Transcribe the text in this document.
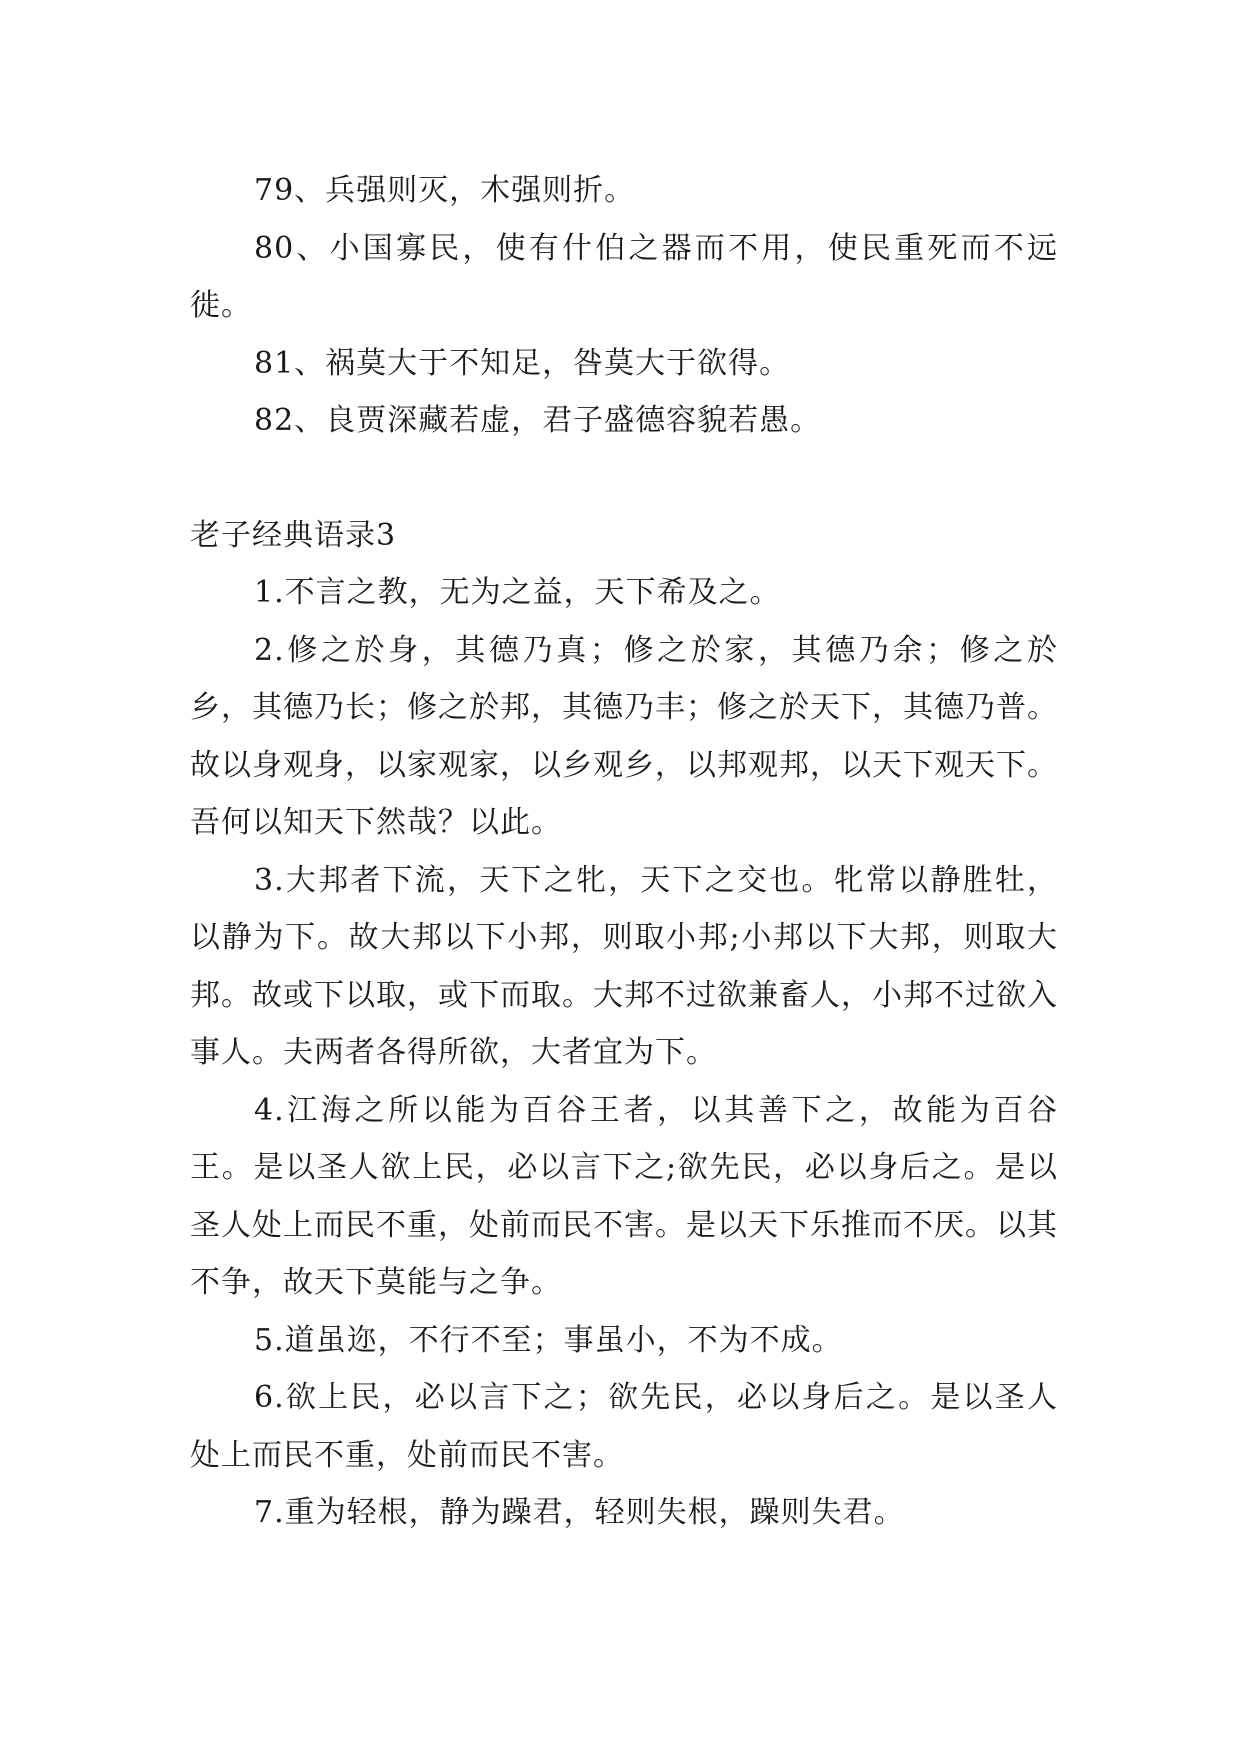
79、兵强则灭，木强则折。

80、小国寡民，使有什伯之器而不用，使民重死而不远徙。

81、祸莫大于不知足，咎莫大于欲得。

82、良贾深藏若虚，君子盛德容貌若愚。

老子经典语录3

1.不言之教，无为之益，天下希及之。

2.修之於身，其德乃真；修之於家，其德乃余；修之於乡，其德乃长；修之於邦，其德乃丰；修之於天下，其德乃普。故以身观身，以家观家，以乡观乡，以邦观邦，以天下观天下。吾何以知天下然哉？以此。

3.大邦者下流，天下之牝，天下之交也。牝常以静胜牡，以静为下。故大邦以下小邦，则取小邦;小邦以下大邦，则取大邦。故或下以取，或下而取。大邦不过欲兼畜人，小邦不过欲入事人。夫两者各得所欲，大者宜为下。

4.江海之所以能为百谷王者，以其善下之，故能为百谷王。是以圣人欲上民，必以言下之;欲先民，必以身后之。是以圣人处上而民不重，处前而民不害。是以天下乐推而不厌。以其不争，故天下莫能与之争。

5.道虽迩，不行不至；事虽小，不为不成。

6.欲上民，必以言下之；欲先民，必以身后之。是以圣人处上而民不重，处前而民不害。

7.重为轻根，静为躁君，轻则失根，躁则失君。
